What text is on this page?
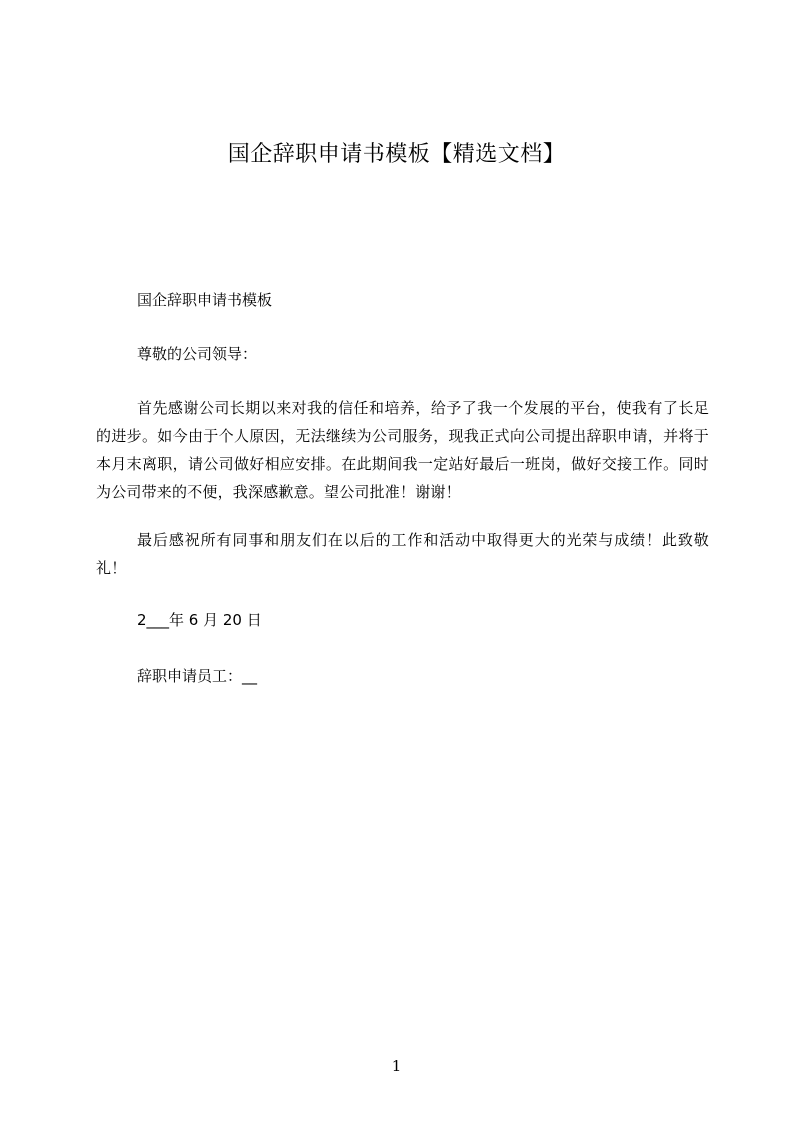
国企辞职申请书模板【精选文档】
国企辞职申请书模板
尊敬的公司领导：
首先感谢公司长期以来对我的信任和培养，给予了我一个发展的平台，使我有了长足的进步。如今由于个人原因，无法继续为公司服务，现我正式向公司提出辞职申请，并将于本月末离职，请公司做好相应安排。在此期间我一定站好最后一班岗，做好交接工作。同时为公司带来的不便，我深感歉意。望公司批准！谢谢！
最后感祝所有同事和朋友们在以后的工作和活动中取得更大的光荣与成绩！此致敬礼！
2___年 6 月 20 日
辞职申请员工：__
1
